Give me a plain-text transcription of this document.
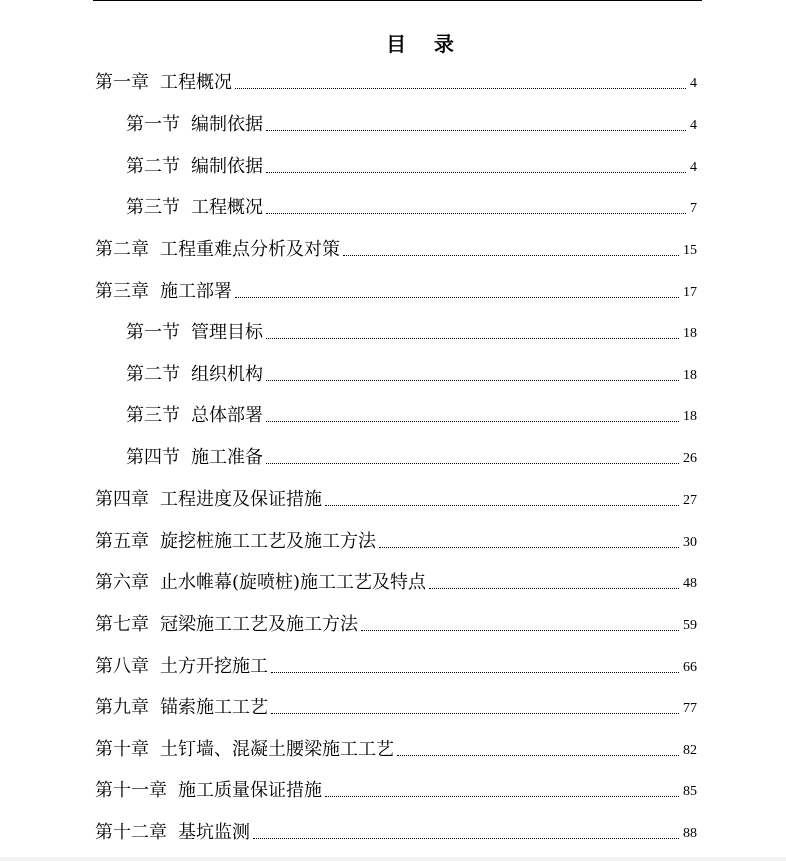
目    录
第一章 工程概况	4
第一节 编制依据	4
第二节 编制依据	4
第三节 工程概况	7
第二章 工程重难点分析及对策	15
第三章 施工部署	17
第一节 管理目标	18
第二节 组织机构	18
第三节 总体部署	18
第四节 施工准备	26
第四章 工程进度及保证措施	27
第五章 旋挖桩施工工艺及施工方法	30
第六章 止水帷幕(旋喷桩)施工工艺及特点	48
第七章 冠梁施工工艺及施工方法	59
第八章 土方开挖施工	66
第九章 锚索施工工艺	77
第十章 土钉墙、混凝土腰梁施工工艺	82
第十一章 施工质量保证措施	85
第十二章 基坑监测	88
